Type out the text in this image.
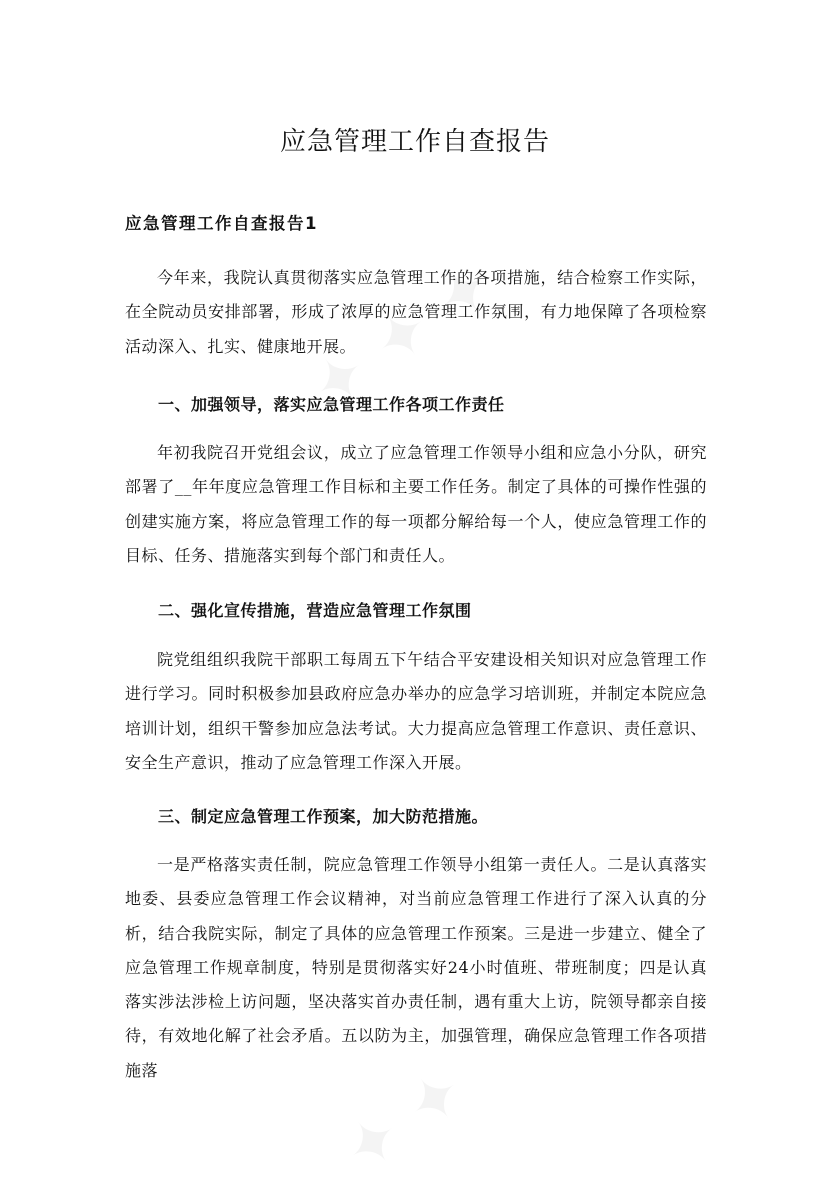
应急管理工作自查报告
应急管理工作自查报告1

今年来，我院认真贯彻落实应急管理工作的各项措施，结合检察工作实际，在全院动员安排部署，形成了浓厚的应急管理工作氛围，有力地保障了各项检察活动深入、扎实、健康地开展。

一、加强领导，落实应急管理工作各项工作责任

年初我院召开党组会议，成立了应急管理工作领导小组和应急小分队，研究部署了__年年度应急管理工作目标和主要工作任务。制定了具体的可操作性强的创建实施方案，将应急管理工作的每一项都分解给每一个人，使应急管理工作的目标、任务、措施落实到每个部门和责任人。

二、强化宣传措施，营造应急管理工作氛围

院党组组织我院干部职工每周五下午结合平安建设相关知识对应急管理工作进行学习。同时积极参加县政府应急办举办的应急学习培训班，并制定本院应急培训计划，组织干警参加应急法考试。大力提高应急管理工作意识、责任意识、安全生产意识，推动了应急管理工作深入开展。

三、制定应急管理工作预案，加大防范措施。

一是严格落实责任制，院应急管理工作领导小组第一责任人。二是认真落实地委、县委应急管理工作会议精神，对当前应急管理工作进行了深入认真的分析，结合我院实际，制定了具体的应急管理工作预案。三是进一步建立、健全了应急管理工作规章制度，特别是贯彻落实好24小时值班、带班制度；四是认真落实涉法涉检上访问题，坚决落实首办责任制，遇有重大上访，院领导都亲自接待，有效地化解了社会矛盾。五以防为主，加强管理，确保应急管理工作各项措施落
